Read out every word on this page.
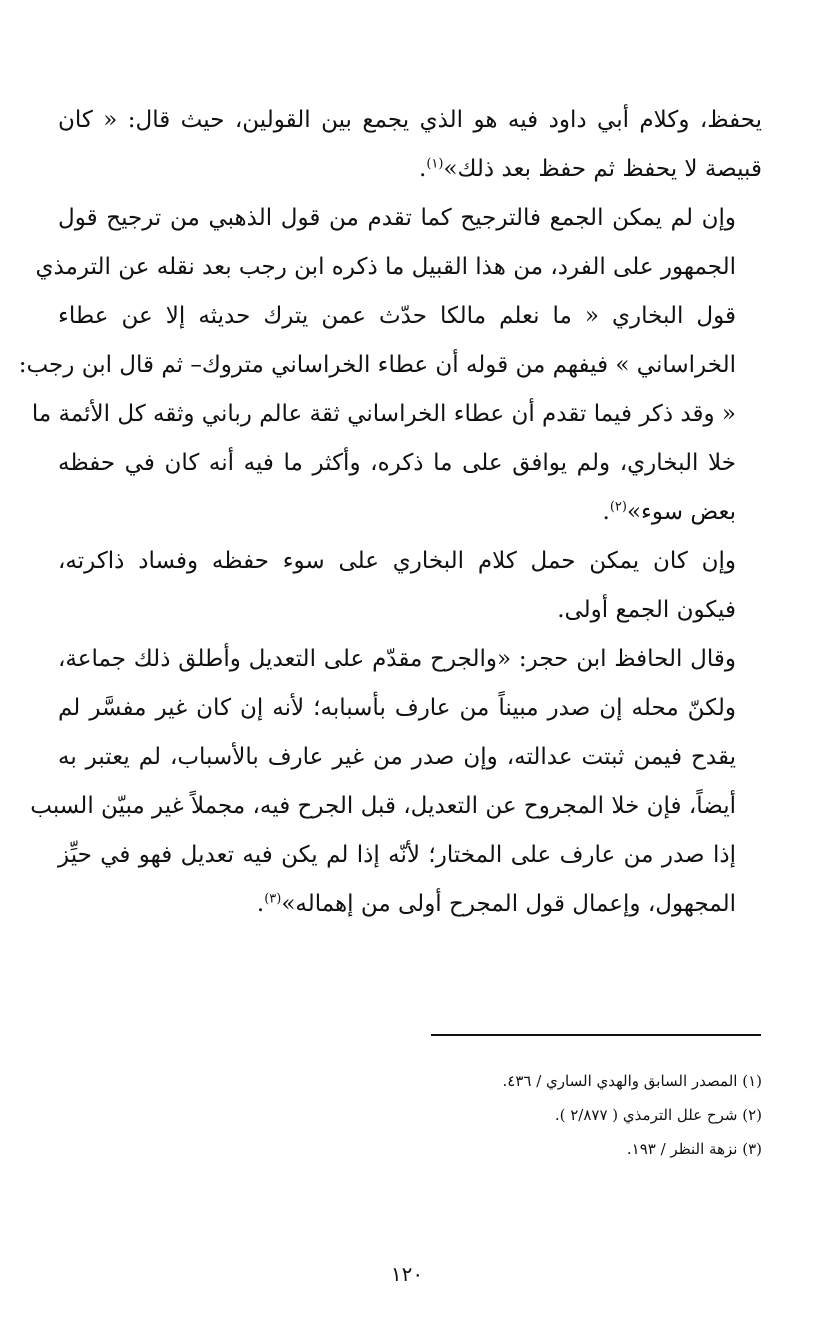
يحفظ، وكلام أبي داود فيه هو الذي يجمع بين القولين، حيث قال: « كان
قبيصة لا يحفظ ثم حفظ بعد ذلك»$^{(١)}$.
وإن لم يمكن الجمع فالترجيح كما تقدم من قول الذهبي من ترجيح قول
الجمهور على الفرد، من هذا القبيل ما ذكره ابن رجب بعد نقله عن الترمذي
قول البخاري « ما نعلم مالكا حدّث عمن يترك حديثه إلا عن عطاء
الخراساني » فيفهم من قوله أن عطاء الخراساني متروك– ثم قال ابن رجب:
« وقد ذكر فيما تقدم أن عطاء الخراساني ثقة عالم رباني وثقه كل الأئمة ما
خلا البخاري، ولم يوافق على ما ذكره، وأكثر ما فيه أنه كان في حفظه
بعض سوء»$^{(٢)}$.
وإن كان يمكن حمل كلام البخاري على سوء حفظه وفساد ذاكرته،
فيكون الجمع أولى.
وقال الحافظ ابن حجر: «والجرح مقدّم على التعديل وأطلق ذلك جماعة،
ولكنّ محله إن صدر مبيناً من عارف بأسبابه؛ لأنه إن كان غير مفسَّر لم
يقدح فيمن ثبتت عدالته، وإن صدر من غير عارف بالأسباب، لم يعتبر به
أيضاً، فإن خلا المجروح عن التعديل، قبل الجرح فيه، مجملاً غير مبيّن السبب
إذا صدر من عارف على المختار؛ لأنّه إذا لم يكن فيه تعديل فهو في حيِّز
المجهول، وإعمال قول المجرح أولى من إهماله»$^{(٣)}$.
(١) المصدر السابق والهدي الساري / ٤٣٦.
(٢) شرح علل الترمذي ( ٢/٨٧٧ ).
(٣) نزهة النظر / ١٩٣.
١٢٠
